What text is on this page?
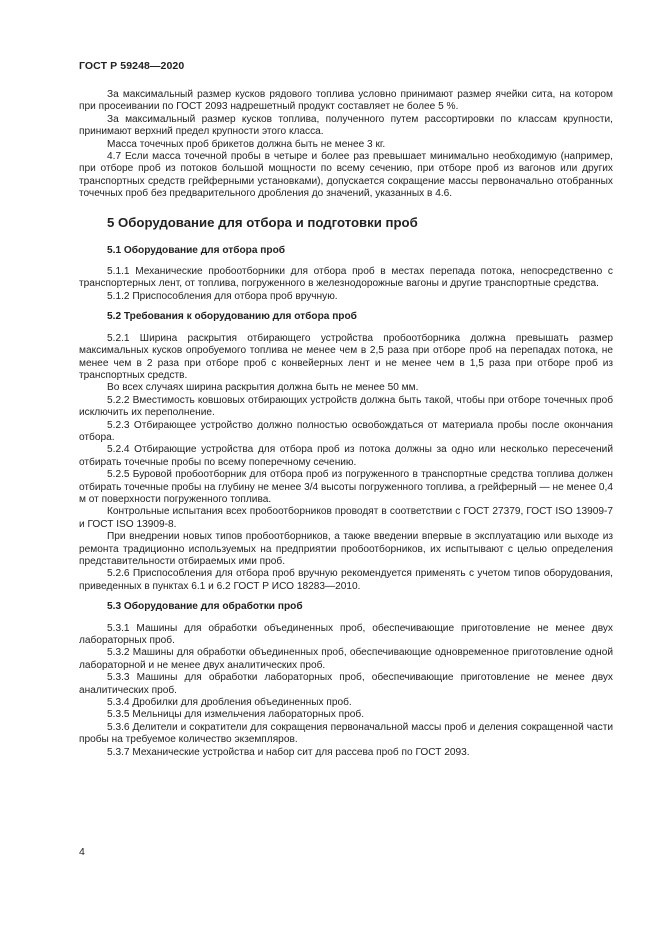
ГОСТ Р 59248—2020

За максимальный размер кусков рядового топлива условно принимают размер ячейки сита, на котором при просеивании по ГОСТ 2093 надрешетный продукт составляет не более 5 %.

За максимальный размер кусков топлива, полученного путем рассортировки по классам крупности, принимают верхний предел крупности этого класса.

Масса точечных проб брикетов должна быть не менее 3 кг.

4.7 Если масса точечной пробы в четыре и более раз превышает минимально необходимую (например, при отборе проб из потоков большой мощности по всему сечению, при отборе проб из вагонов или других транспортных средств грейферными установками), допускается сокращение массы первоначально отобранных точечных проб без предварительного дробления до значений, указанных в 4.6.

5 Оборудование для отбора и подготовки проб
5.1 Оборудование для отбора проб

5.1.1 Механические пробоотборники для отбора проб в местах перепада потока, непосредственно с транспортерных лент, от топлива, погруженного в железнодорожные вагоны и другие транспортные средства.

5.1.2 Приспособления для отбора проб вручную.

5.2 Требования к оборудованию для отбора проб

5.2.1 Ширина раскрытия отбирающего устройства пробоотборника должна превышать размер максимальных кусков опробуемого топлива не менее чем в 2,5 раза при отборе проб на перепадах потока, не менее чем в 2 раза при отборе проб с конвейерных лент и не менее чем в 1,5 раза при отборе проб из транспортных средств.

Во всех случаях ширина раскрытия должна быть не менее 50 мм.

5.2.2 Вместимость ковшовых отбирающих устройств должна быть такой, чтобы при отборе точечных проб исключить их переполнение.

5.2.3 Отбирающее устройство должно полностью освобождаться от материала пробы после окончания отбора.

5.2.4 Отбирающие устройства для отбора проб из потока должны за одно или несколько пересечений отбирать точечные пробы по всему поперечному сечению.

5.2.5 Буровой пробоотборник для отбора проб из погруженного в транспортные средства топлива должен отбирать точечные пробы на глубину не менее 3/4 высоты погруженного топлива, а грейферный — не менее 0,4 м от поверхности погруженного топлива.

Контрольные испытания всех пробоотборников проводят в соответствии с ГОСТ 27379, ГОСТ ISO 13909-7 и ГОСТ ISO 13909-8.

При внедрении новых типов пробоотборников, а также введении впервые в эксплуатацию или выходе из ремонта традиционно используемых на предприятии пробоотборников, их испытывают с целью определения представительности отбираемых ими проб.

5.2.6 Приспособления для отбора проб вручную рекомендуется применять с учетом типов оборудования, приведенных в пунктах 6.1 и 6.2 ГОСТ Р ИСО 18283—2010.

5.3 Оборудование для обработки проб

5.3.1 Машины для обработки объединенных проб, обеспечивающие приготовление не менее двух лабораторных проб.

5.3.2 Машины для обработки объединенных проб, обеспечивающие одновременное приготовление одной лабораторной и не менее двух аналитических проб.

5.3.3 Машины для обработки лабораторных проб, обеспечивающие приготовление не менее двух аналитических проб.

5.3.4 Дробилки для дробления объединенных проб.

5.3.5 Мельницы для измельчения лабораторных проб.

5.3.6 Делители и сократители для сокращения первоначальной массы проб и деления сокращенной части пробы на требуемое количество экземпляров.

5.3.7 Механические устройства и набор сит для рассева проб по ГОСТ 2093.

4
